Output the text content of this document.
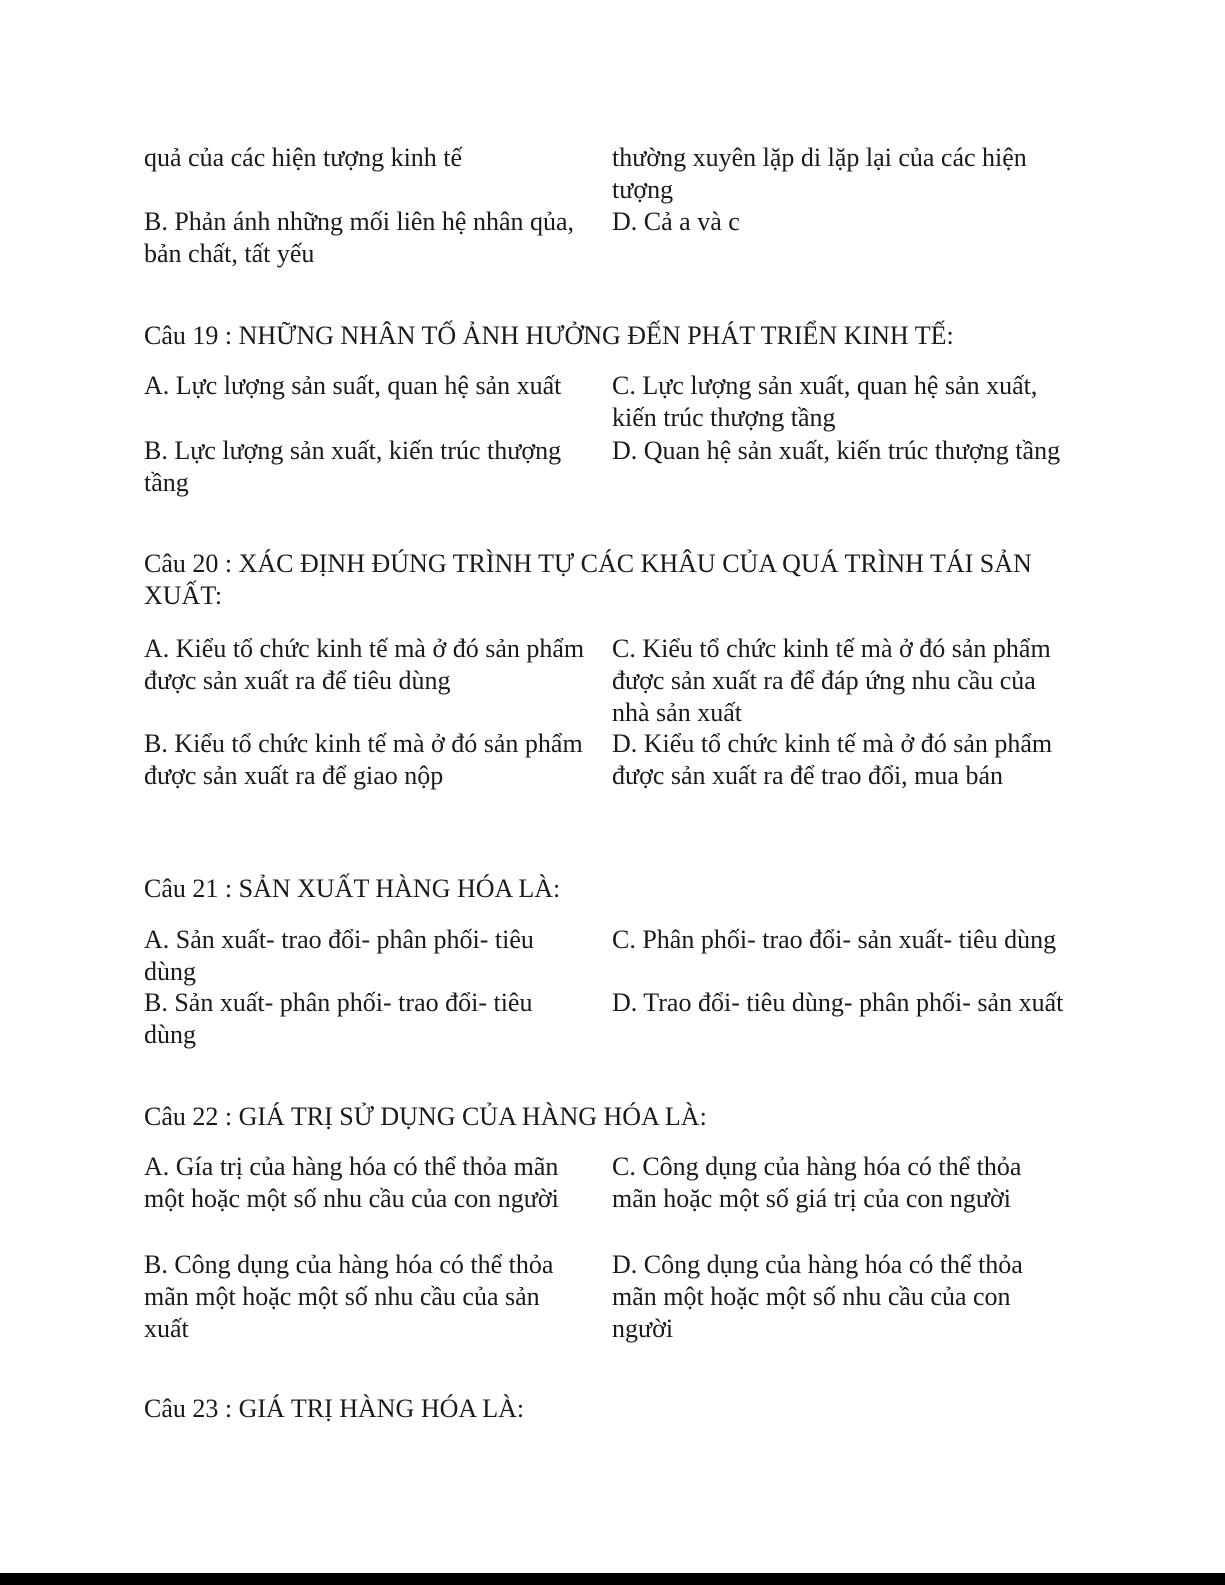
quả của các hiện tượng kinh tế	thường xuyên lặp di lặp lại của các hiện tượng

B. Phản ánh những mối liên hệ nhân qủa, bản chất, tất yếu

D. Cả a và c

Câu 19 : NHỮNG NHÂN TỐ ẢNH HƯỞNG ĐẾN PHÁT TRIỂN KINH TẾ:

A. Lực lượng sản suất, quan hệ sản xuất	C. Lực lượng sản xuất, quan hệ sản xuất, kiến trúc thượng tầng

B. Lực lượng sản xuất, kiến trúc thượng tầng

D. Quan hệ sản xuất, kiến trúc thượng tầng

Câu 20 : XÁC ĐỊNH ĐÚNG TRÌNH TỰ CÁC KHÂU CỦA QUÁ TRÌNH TÁI SẢN XUẤT:

A. Kiểu tổ chức kinh tế mà ở đó sản phẩm được sản xuất ra để tiêu dùng

C. Kiểu tổ chức kinh tế mà ở đó sản phẩm được sản xuất ra để đáp ứng nhu cầu của nhà sản xuất

B. Kiểu tổ chức kinh tế mà ở đó sản phẩm được sản xuất ra để giao nộp

D. Kiểu tổ chức kinh tế mà ở đó sản phẩm được sản xuất ra để trao đổi, mua bán

Câu 21 : SẢN XUẤT HÀNG HÓA LÀ:

A. Sản xuất- trao đổi- phân phối- tiêu dùng

C. Phân phối- trao đổi- sản xuất- tiêu dùng

B. Sản xuất- phân phối- trao đổi- tiêu dùng

D. Trao đổi- tiêu dùng- phân phối- sản xuất

Câu 22 : GIÁ TRỊ SỬ DỤNG CỦA HÀNG HÓA LÀ:

A. Gía trị của hàng hóa có thể thỏa mãn một hoặc một số nhu cầu của con người

C. Công dụng của hàng hóa có thể thỏa mãn hoặc một số giá trị của con người

B. Công dụng của hàng hóa có thể thỏa mãn một hoặc một số nhu cầu của sản xuất

D. Công dụng của hàng hóa có thể thỏa mãn một hoặc một số nhu cầu của con người

Câu 23 : GIÁ TRỊ HÀNG HÓA LÀ:
